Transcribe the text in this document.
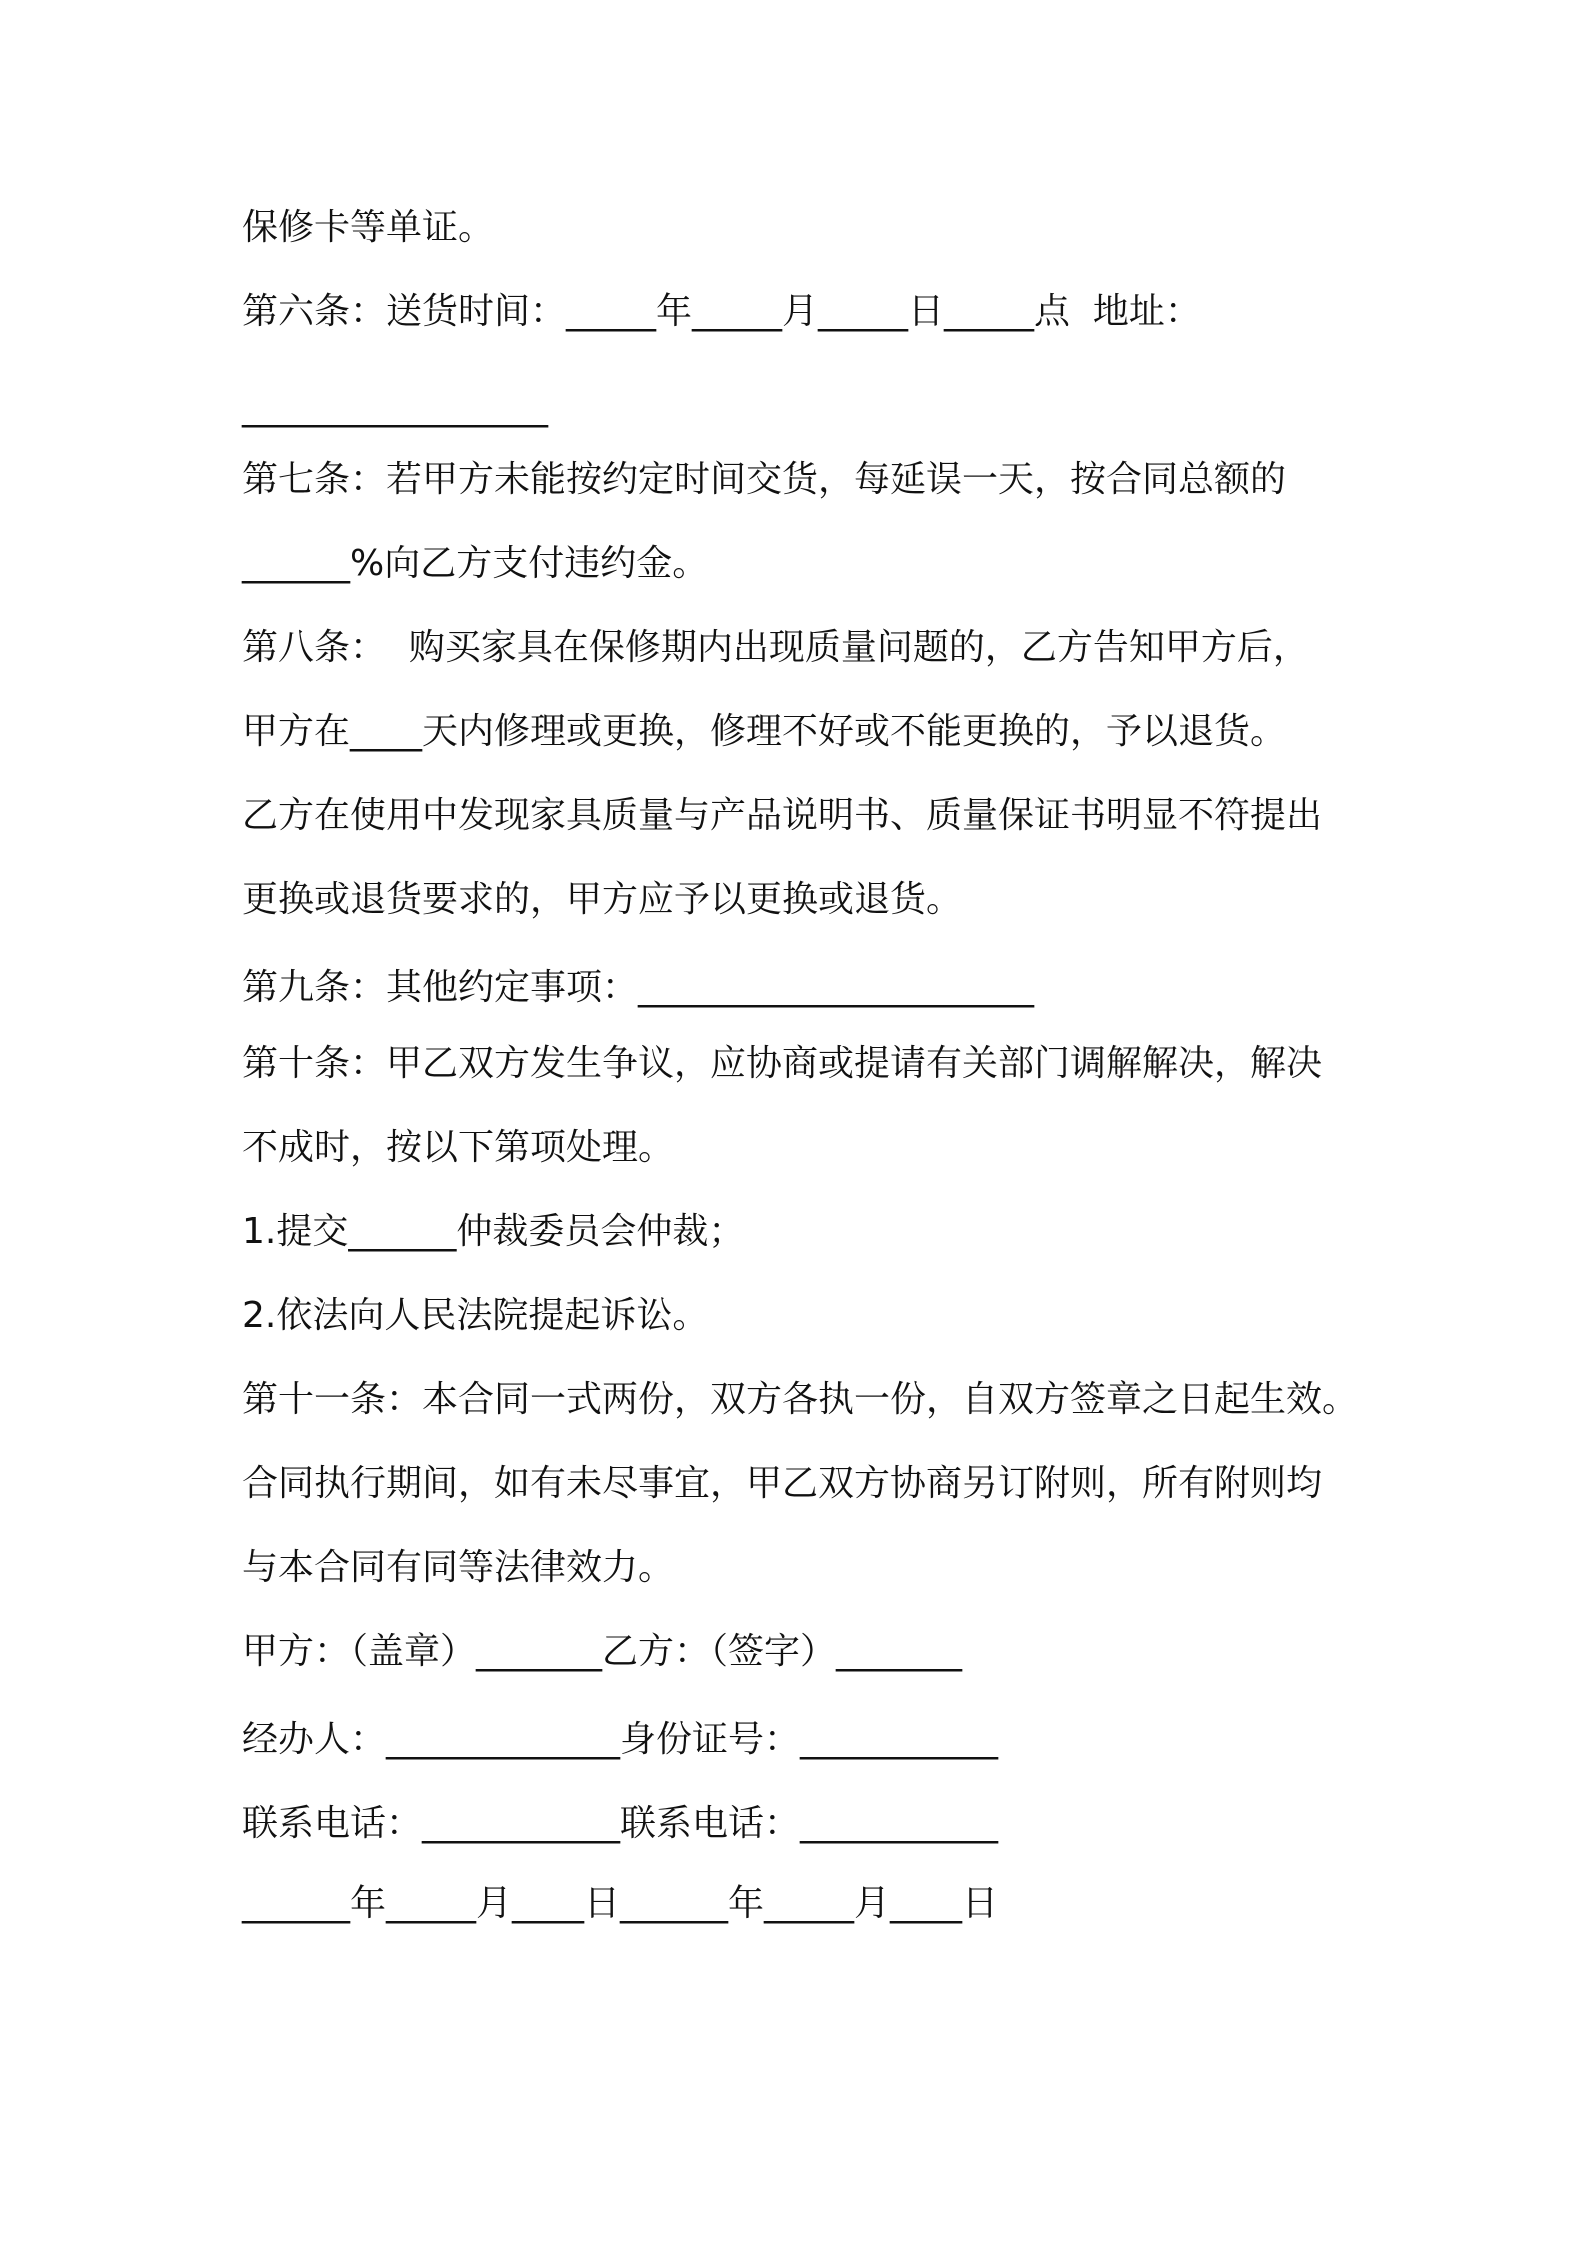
保修卡等单证。

第六条：送货时间：_____年_____月_____日_____点  地址：

_________________

第七条：若甲方未能按约定时间交货，每延误一天，按合同总额的

______%向乙方支付违约金。

第八条：  购买家具在保修期内出现质量问题的，乙方告知甲方后，

甲方在____天内修理或更换，修理不好或不能更换的，予以退货。

乙方在使用中发现家具质量与产品说明书、质量保证书明显不符提出

更换或退货要求的，甲方应予以更换或退货。

第九条：其他约定事项：______________________

第十条：甲乙双方发生争议，应协商或提请有关部门调解解决，解决

不成时，按以下第项处理。

1.提交______仲裁委员会仲裁；

2.依法向人民法院提起诉讼。

第十一条：本合同一式两份，双方各执一份，自双方签章之日起生效。

合同执行期间，如有未尽事宜，甲乙双方协商另订附则，所有附则均

与本合同有同等法律效力。

甲方：（盖章）_______乙方：（签字）_______

经办人：_____________身份证号：___________

联系电话：___________联系电话：___________

______年_____月____日______年_____月____日
